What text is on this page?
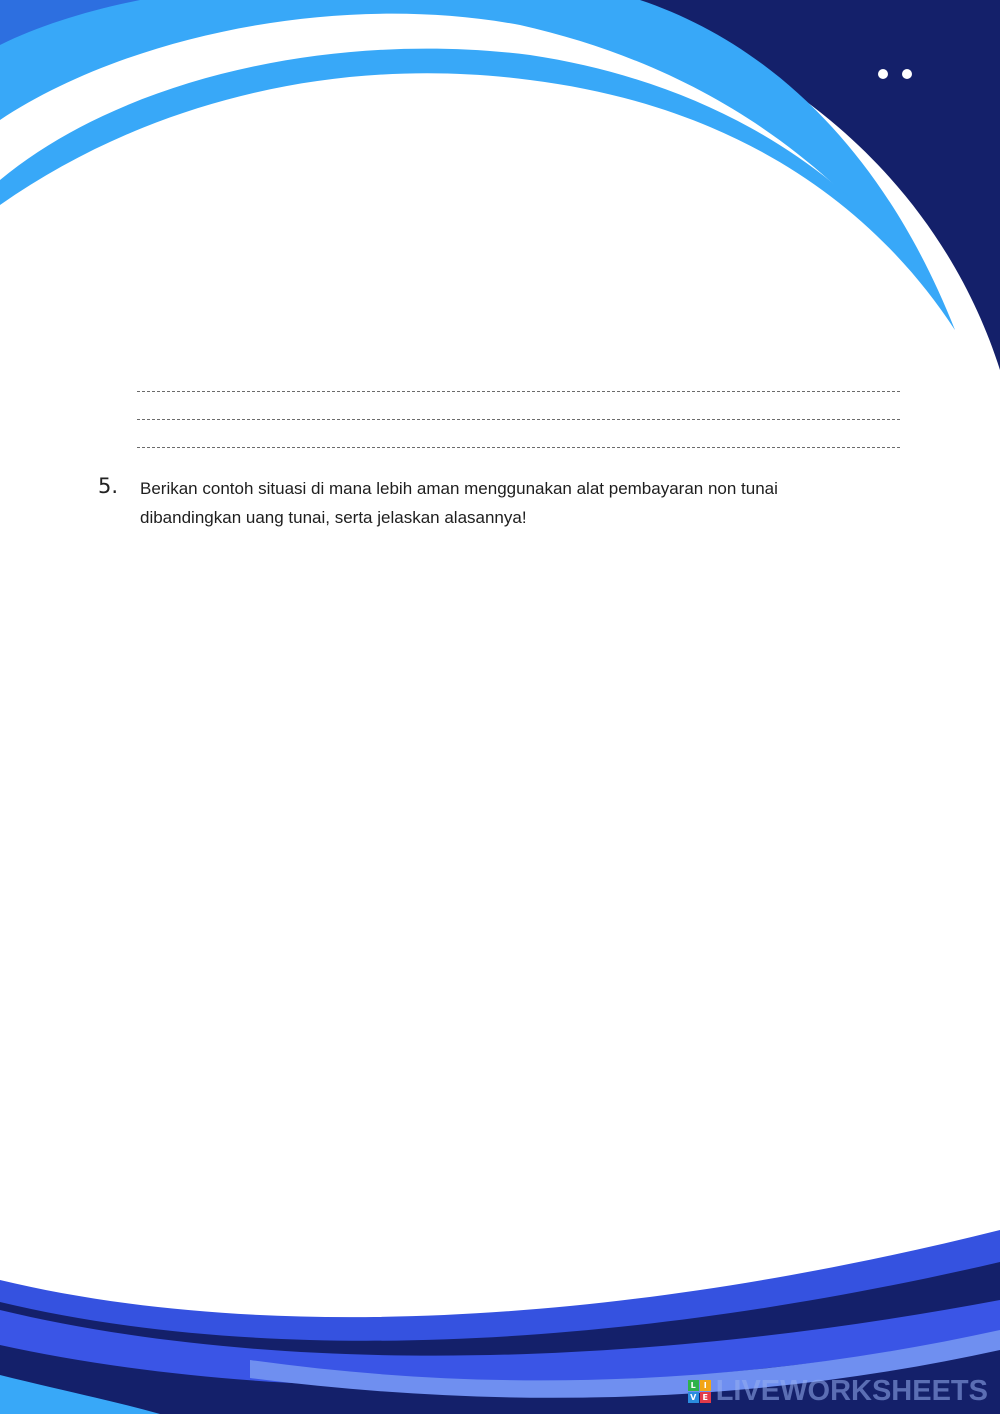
5. Berikan contoh situasi di mana lebih aman menggunakan alat pembayaran non tunai
dibandingkan uang tunai, serta jelaskan alasannya!
L I
V E LIVEWORKSHEETS
